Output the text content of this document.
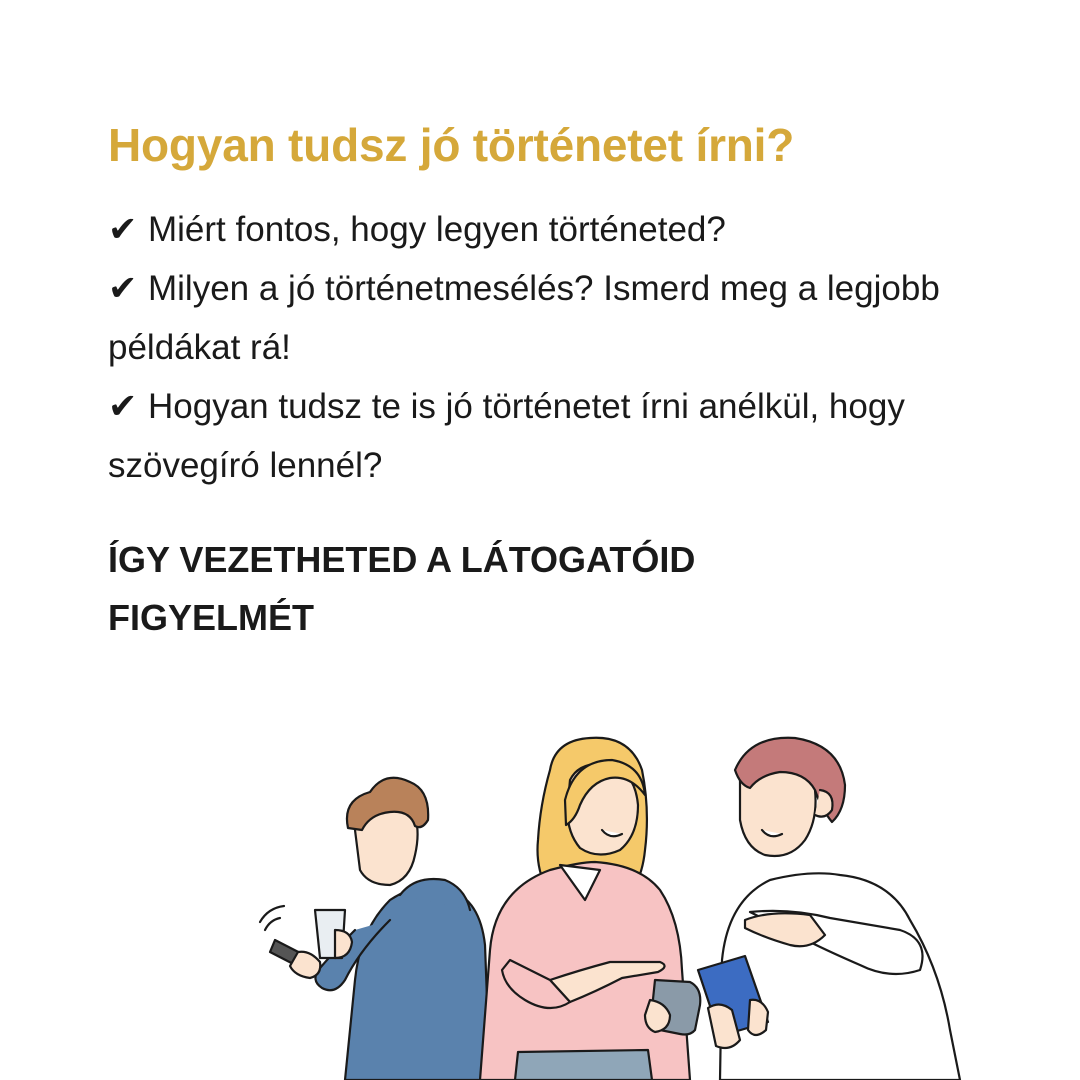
Hogyan tudsz jó történetet írni?
✔ Miért fontos, hogy legyen történeted?
✔ Milyen a jó történetmesélés? Ismerd meg a legjobb példákat rá!
✔ Hogyan tudsz te is jó történetet írni anélkül, hogy szövegíró lennél?

ÍGY VEZETHETED A LÁTOGATÓID FIGYELMÉT
